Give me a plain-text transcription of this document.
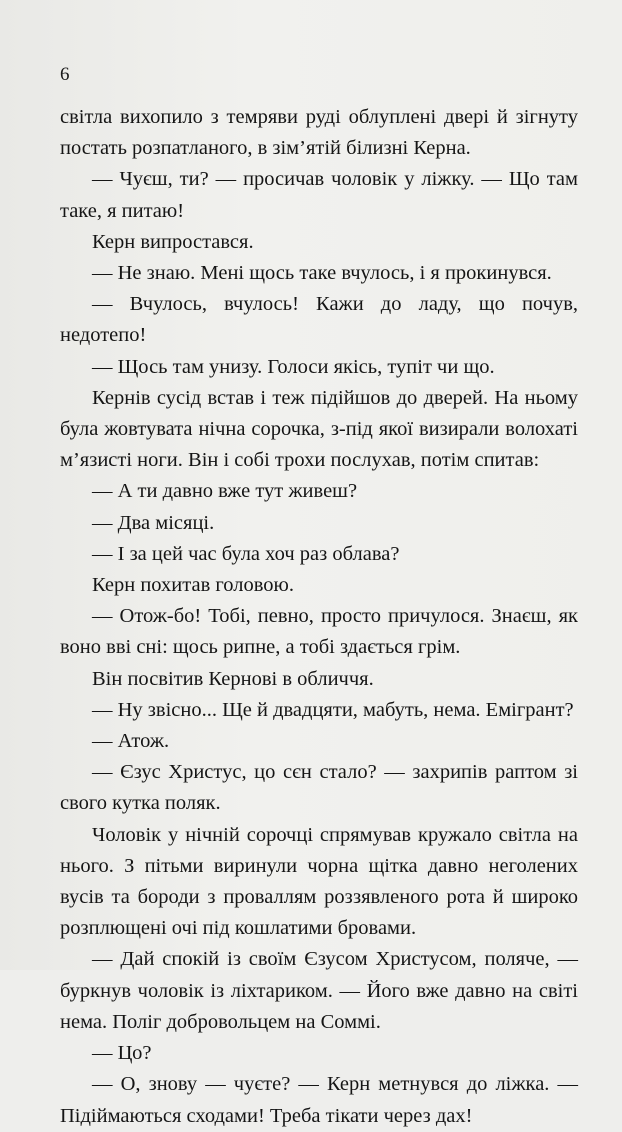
6

світла вихопило з темряви руді облуплені двері й зігнуту постать розпатланого, в зім’ятій білизні Керна.

— Чуєш, ти? — просичав чоловік у ліжку. — Що там таке, я питаю!

Керн випростався.

— Не знаю. Мені щось таке вчулось, і я прокинувся.

— Вчулось, вчулось! Кажи до ладу, що почув, недотепо!

— Щось там унизу. Голоси якісь, тупіт чи що.

Кернів сусід встав і теж підійшов до дверей. На ньому була жовтувата нічна сорочка, з-під якої визирали волохаті м’язисті ноги. Він і собі трохи послухав, потім спитав:

— А ти давно вже тут живеш?

— Два місяці.

— І за цей час була хоч раз облава?

Керн похитав головою.

— Отож-бо! Тобі, певно, просто причулося. Знаєш, як воно вві сні: щось рипне, а тобі здається грім.

Він посвітив Кернові в обличчя.

— Ну звісно... Ще й двадцяти, мабуть, нема. Емігрант?

— Атож.

— Єзус Христус, цо сєн стало? — захрипів раптом зі свого кутка поляк.

Чоловік у нічній сорочці спрямував кружало світла на нього. З пітьми виринули чорна щітка давно неголених вусів та бороди з проваллям роззявленого рота й широко розплющені очі під кошлатими бровами.

— Дай спокій із своїм Єзусом Христусом, поляче, — буркнув чоловік із ліхтариком. — Його вже давно на світі нема. Поліг добровольцем на Соммі.

— Цо?

— О, знову — чуєте? — Керн метнувся до ліжка. — Підіймаються сходами! Треба тікати через дах!
